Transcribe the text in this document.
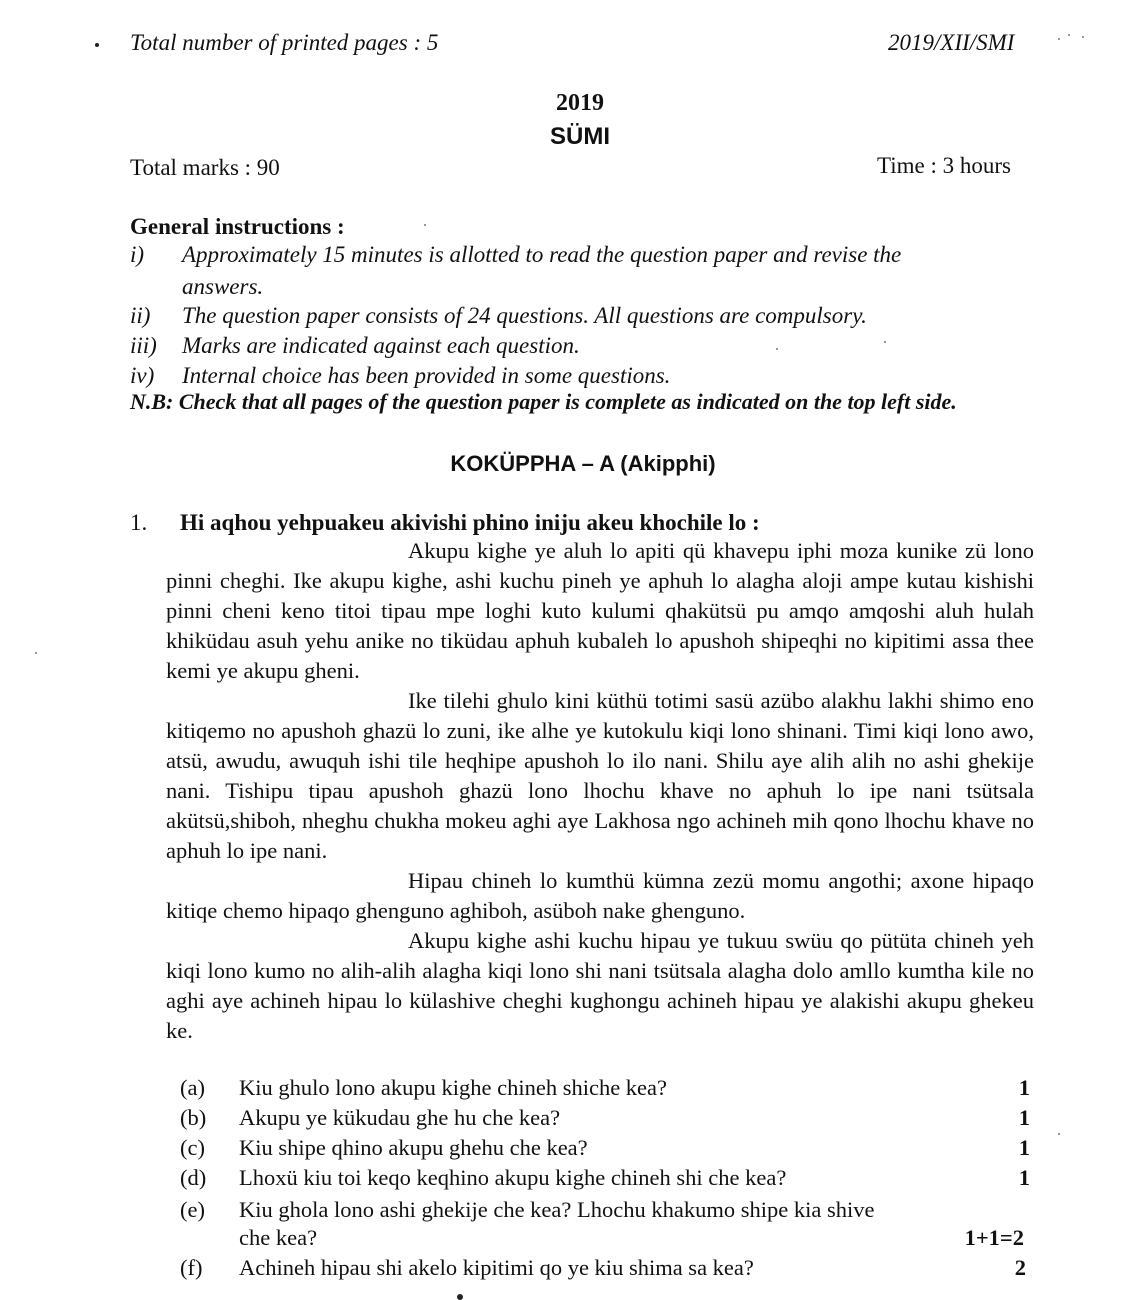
Total number of printed pages : 5	2019/XII/SMI
2019
SÜMI
Total marks : 90	Time : 3 hours
General instructions :
i) Approximately 15 minutes is allotted to read the question paper and revise the
answers.
ii) The question paper consists of 24 questions. All questions are compulsory.
iii) Marks are indicated against each question.
iv) Internal choice has been provided in some questions.
N.B: Check that all pages of the question paper is complete as indicated on the top left side.
KOKÜPPHA – A (Akipphi)
1. Hi aqhou yehpuakeu akivishi phino iniju akeu khochile lo :

Akupu kighe ye aluh lo apiti qü khavepu iphi moza kunike zü lono pinni cheghi. Ike akupu kighe, ashi kuchu pineh ye aphuh lo alagha aloji ampe kutau kishishi pinni cheni keno titoi tipau mpe loghi kuto kulumi qhakütsü pu amqo amqoshi aluh hulah khiküdau asuh yehu anike no tiküdau aphuh kubaleh lo apushoh shipeqhi no kipitimi assa thee kemi ye akupu gheni.

Ike tilehi ghulo kini küthü totimi sasü azübo alakhu lakhi shimo eno kitiqemo no apushoh ghazü lo zuni, ike alhe ye kutokulu kiqi lono shinani. Timi kiqi lono awo, atsü, awudu, awuquh ishi tile heqhipe apushoh lo ilo nani. Shilu aye alih alih no ashi ghekije nani. Tishipu tipau apushoh ghazü lono lhochu khave no aphuh lo ipe nani tsütsala akütsü,shiboh, nheghu chukha mokeu aghi aye Lakhosa ngo achineh mih qono lhochu khave no aphuh lo ipe nani.

Hipau chineh lo kumthü kümna zezü momu angothi; axone hipaqo kitiqe chemo hipaqo ghenguno aghiboh, asüboh nake ghenguno.

Akupu kighe ashi kuchu hipau ye tukuu swüu qo pütüta chineh yeh kiqi lono kumo no alih-alih alagha kiqi lono shi nani tsütsala alagha dolo amllo kumtha kile no aghi aye achineh hipau lo külashive cheghi kughongu achineh hipau ye alakishi akupu ghekeu ke.

(a) Kiu ghulo lono akupu kighe chineh shiche kea?	1
(b) Akupu ye kükudau ghe hu che kea?	1
(c) Kiu shipe qhino akupu ghehu che kea?	1
(d) Lhoxü kiu toi keqo keqhino akupu kighe chineh shi che kea?	1
(e) Kiu ghola lono ashi ghekije che kea? Lhochu khakumo shipe kia shive
che kea?	1+1=2
(f) Achineh hipau shi akelo kipitimi qo ye kiu shima sa kea?	2
